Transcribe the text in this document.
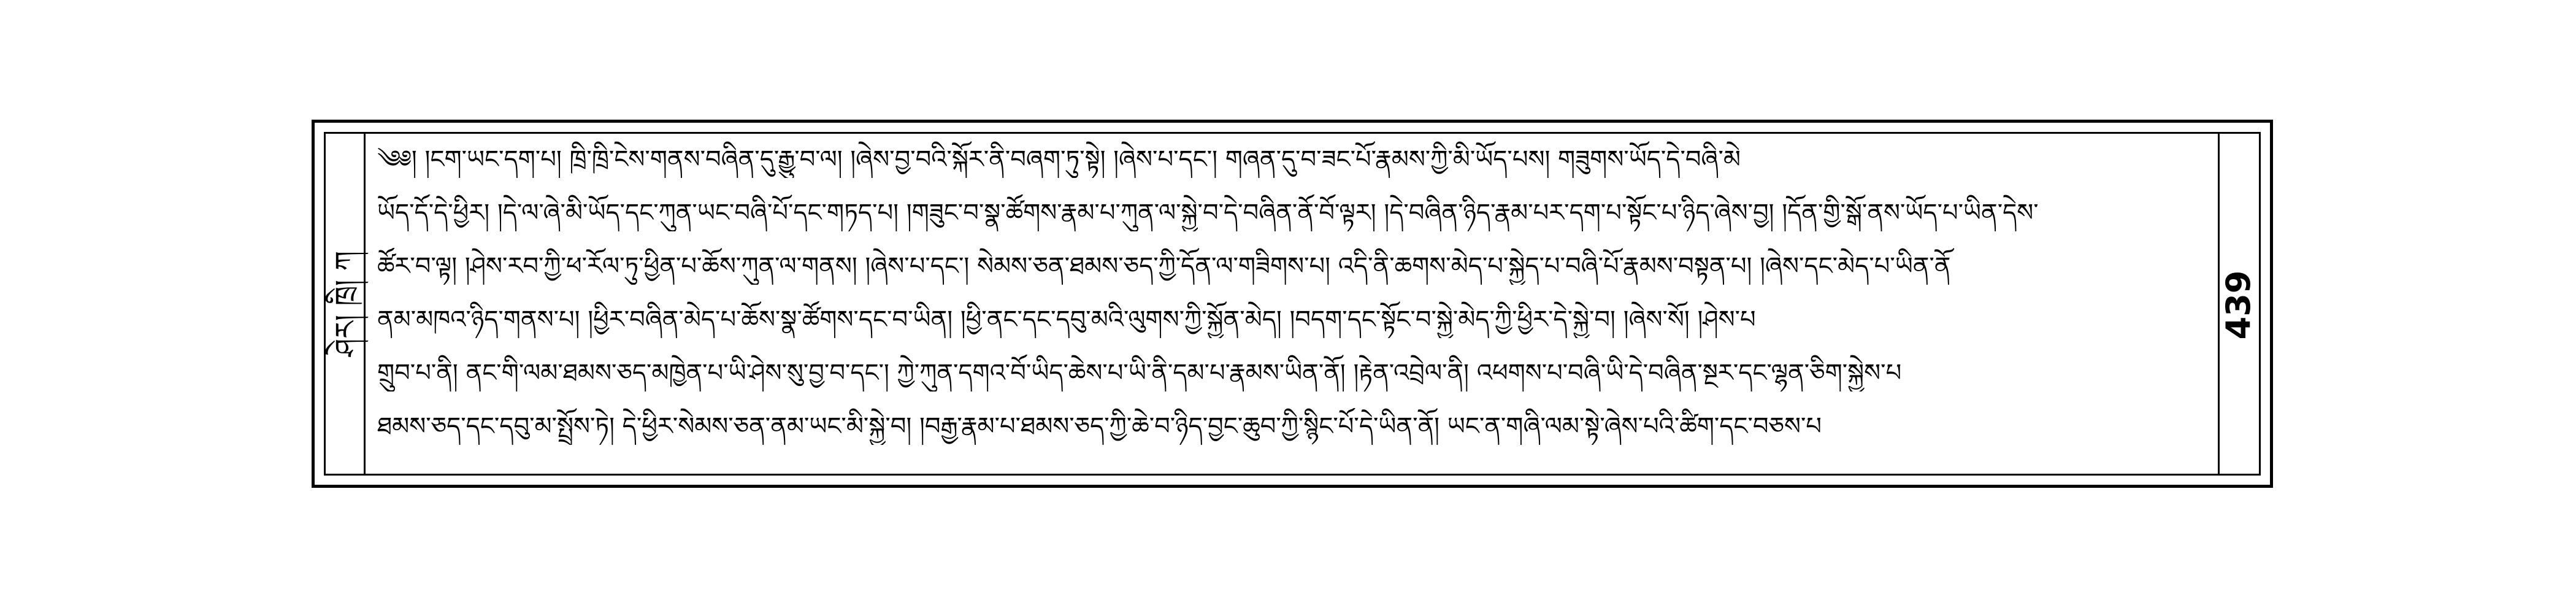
ཤེར། ཁྲི། ཀ	439
༄༅། །ངག་ཡང་དག་པ། ཁྲི་ཁྲི་ངེས་གནས་བཞིན་དུ་རྒྱུ་བ་ལ། །ཞེས་བྱ་བའི་སྐོར་ནི་བཞག་ཏུ་སྟེ། །ཞེས་པ་དང་། གཞན་དུ་བ་ཟང་པོ་རྣམས་ཀྱི་མི་ཡོད་པས། གཟུགས་ཡོད་དེ་བཞི་མེ
ཡོད་དོ་དེ་ཕྱིར། །དེ་ལ་ཞེ་མི་ཡོད་དང་ཀུན་ཡང་བཞི་པོ་དང་གཏད་པ། །གཟུང་བ་སྣ་ཚོགས་རྣམ་པ་ཀུན་ལ་སྐྱེ་བ་དེ་བཞིན་ནོ་བོ་ལྟར། །དེ་བཞིན་ཉིད་རྣམ་པར་དག་པ་སྟོང་པ་ཉིད་ཞེས་བྱ། །དོན་གྱི་སྒོ་ནས་ཡོད་པ་ཡིན་དེས་
ཚོར་བ་ལྟ། །ཤེས་རབ་ཀྱི་ཕ་རོལ་ཏུ་ཕྱིན་པ་ཆོས་ཀུན་ལ་གནས། །ཞེས་པ་དང་། སེམས་ཅན་ཐམས་ཅད་ཀྱི་དོན་ལ་གཟིགས་པ། འདི་ནི་ཆགས་མེད་པ་སྐྱེད་པ་བཞི་པོ་རྣམས་བསྟན་པ། །ཞེས་དང་མེད་པ་ཡིན་ནོ
ནམ་མཁའ་ཉིད་གནས་པ། །ཕྱིར་བཞིན་མེད་པ་ཆོས་སྣ་ཚོགས་དང་བ་ཡིན། །ཕྱི་ནང་དང་དབུ་མའི་ལུགས་ཀྱི་སྐྱོན་མེད། །བདག་དང་སྟོང་བ་སྐྱེ་མེད་ཀྱི་ཕྱིར་དེ་སྐྱེ་བ། །ཞེས་སོ། །ཤེས་པ
གྲུབ་པ་ནི། ནང་གི་ལམ་ཐམས་ཅད་མཁྱེན་པ་ཡི་ཤེས་སུ་བྱ་བ་དང་། ཀྱེ་ཀུན་དགའ་བོ་ཡིད་ཆེས་པ་ཡི་ནི་དམ་པ་རྣམས་ཡིན་ནོ། །རྟེན་འབྲེལ་ནི། འཕགས་པ་བཞི་ཡི་དེ་བཞིན་སྔར་དང་ལྷན་ཅིག་སྐྱེས་པ
ཐམས་ཅད་དང་དབུ་མ་སྤྲོས་ཏེ། དེ་ཕྱིར་སེམས་ཅན་ནམ་ཡང་མི་སྐྱེ་བ། །བརྒྱ་རྣམ་པ་ཐམས་ཅད་ཀྱི་ཆེ་བ་ཉིད་བྱང་ཆུབ་ཀྱི་སྙིང་པོ་དེ་ཡིན་ནོ། ཡང་ན་གཞི་ལམ་སྟེ་ཞེས་པའི་ཚིག་དང་བཅས་པ
